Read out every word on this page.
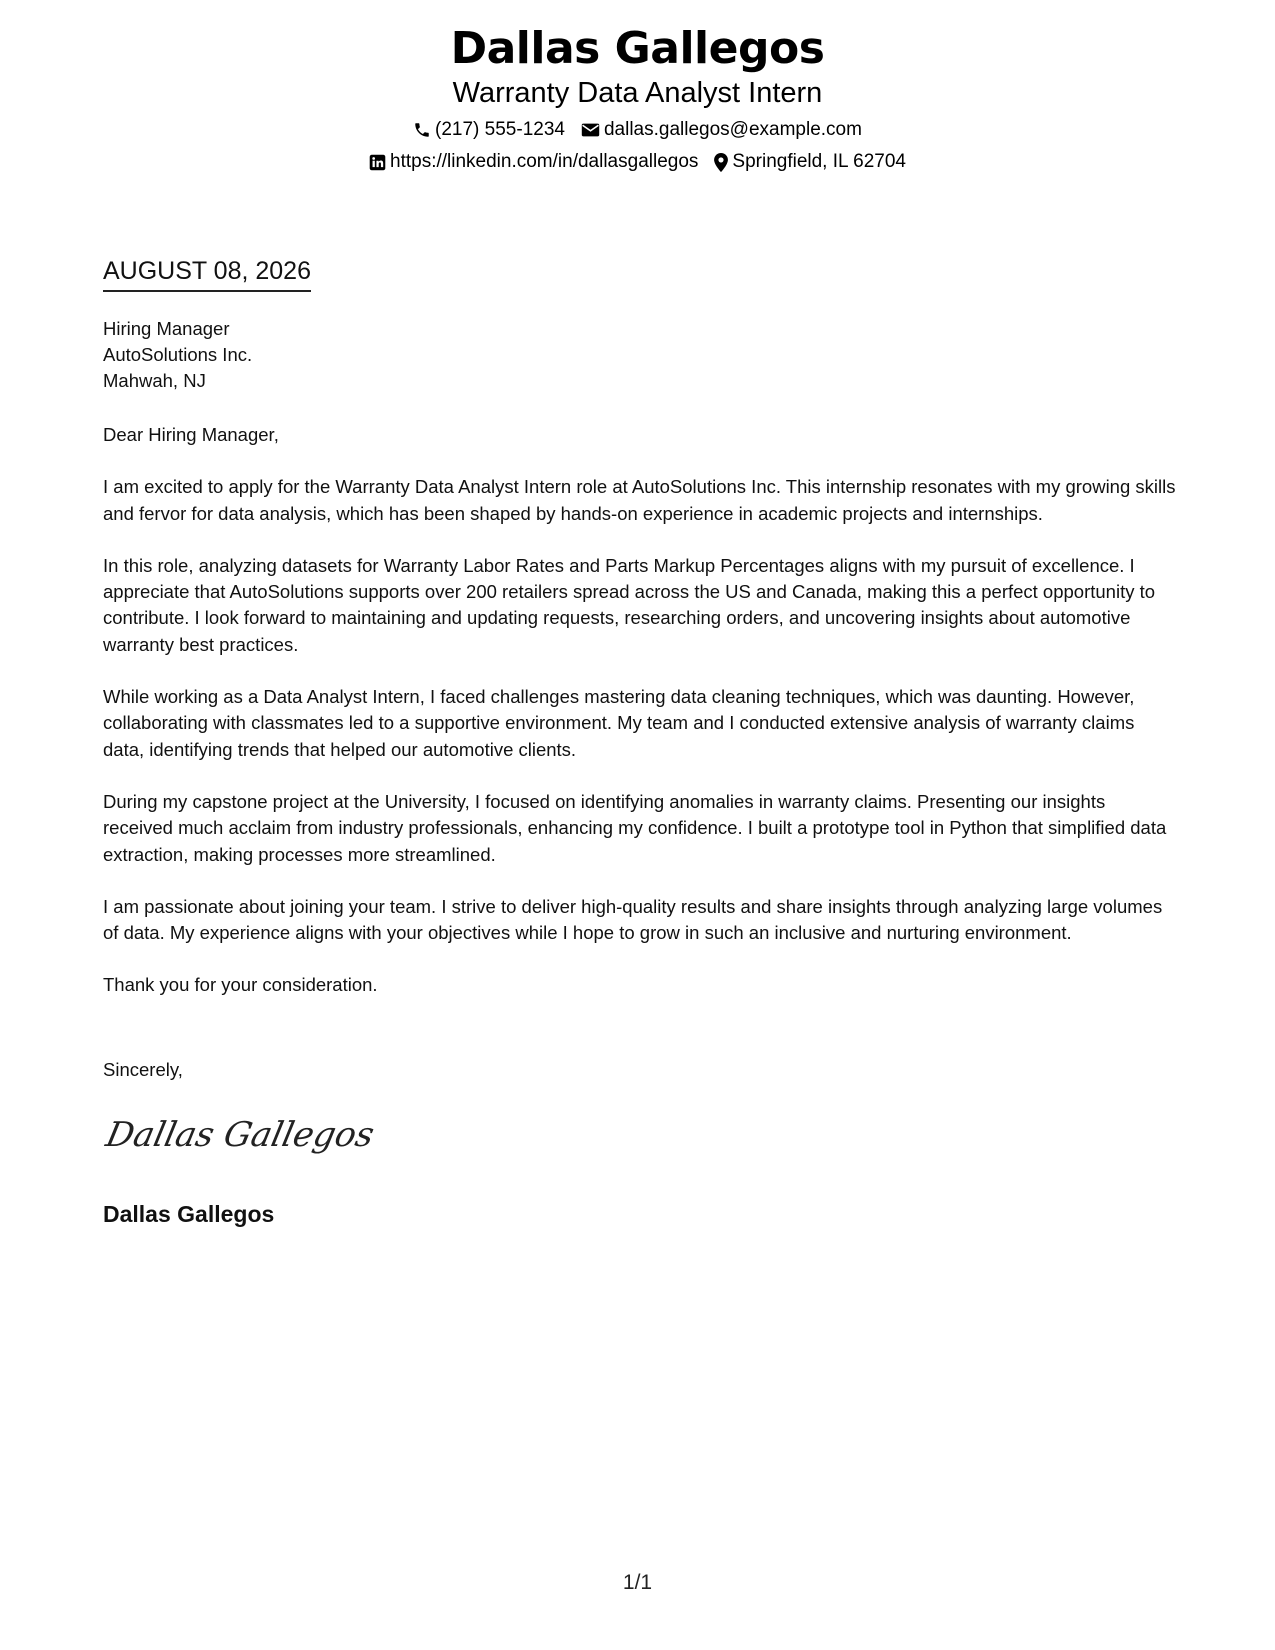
Dallas Gallegos
Warranty Data Analyst Intern
(217) 555-1234 dallas.gallegos@example.com
https://linkedin.com/in/dallasgallegos Springfield, IL 62704
AUGUST 08, 2026
Hiring Manager
AutoSolutions Inc.
Mahwah, NJ

Dear Hiring Manager,

I am excited to apply for the Warranty Data Analyst Intern role at AutoSolutions Inc. This internship resonates with my growing skills and fervor for data analysis, which has been shaped by hands-on experience in academic projects and internships.

In this role, analyzing datasets for Warranty Labor Rates and Parts Markup Percentages aligns with my pursuit of excellence. I appreciate that AutoSolutions supports over 200 retailers spread across the US and Canada, making this a perfect opportunity to contribute. I look forward to maintaining and updating requests, researching orders, and uncovering insights about automotive warranty best practices.

While working as a Data Analyst Intern, I faced challenges mastering data cleaning techniques, which was daunting. However, collaborating with classmates led to a supportive environment. My team and I conducted extensive analysis of warranty claims data, identifying trends that helped our automotive clients.

During my capstone project at the University, I focused on identifying anomalies in warranty claims. Presenting our insights received much acclaim from industry professionals, enhancing my confidence. I built a prototype tool in Python that simplified data extraction, making processes more streamlined.

I am passionate about joining your team. I strive to deliver high-quality results and share insights through analyzing large volumes of data. My experience aligns with your objectives while I hope to grow in such an inclusive and nurturing environment.

Thank you for your consideration.

Sincerely,
Dallas Gallegos
Dallas Gallegos
1/1
